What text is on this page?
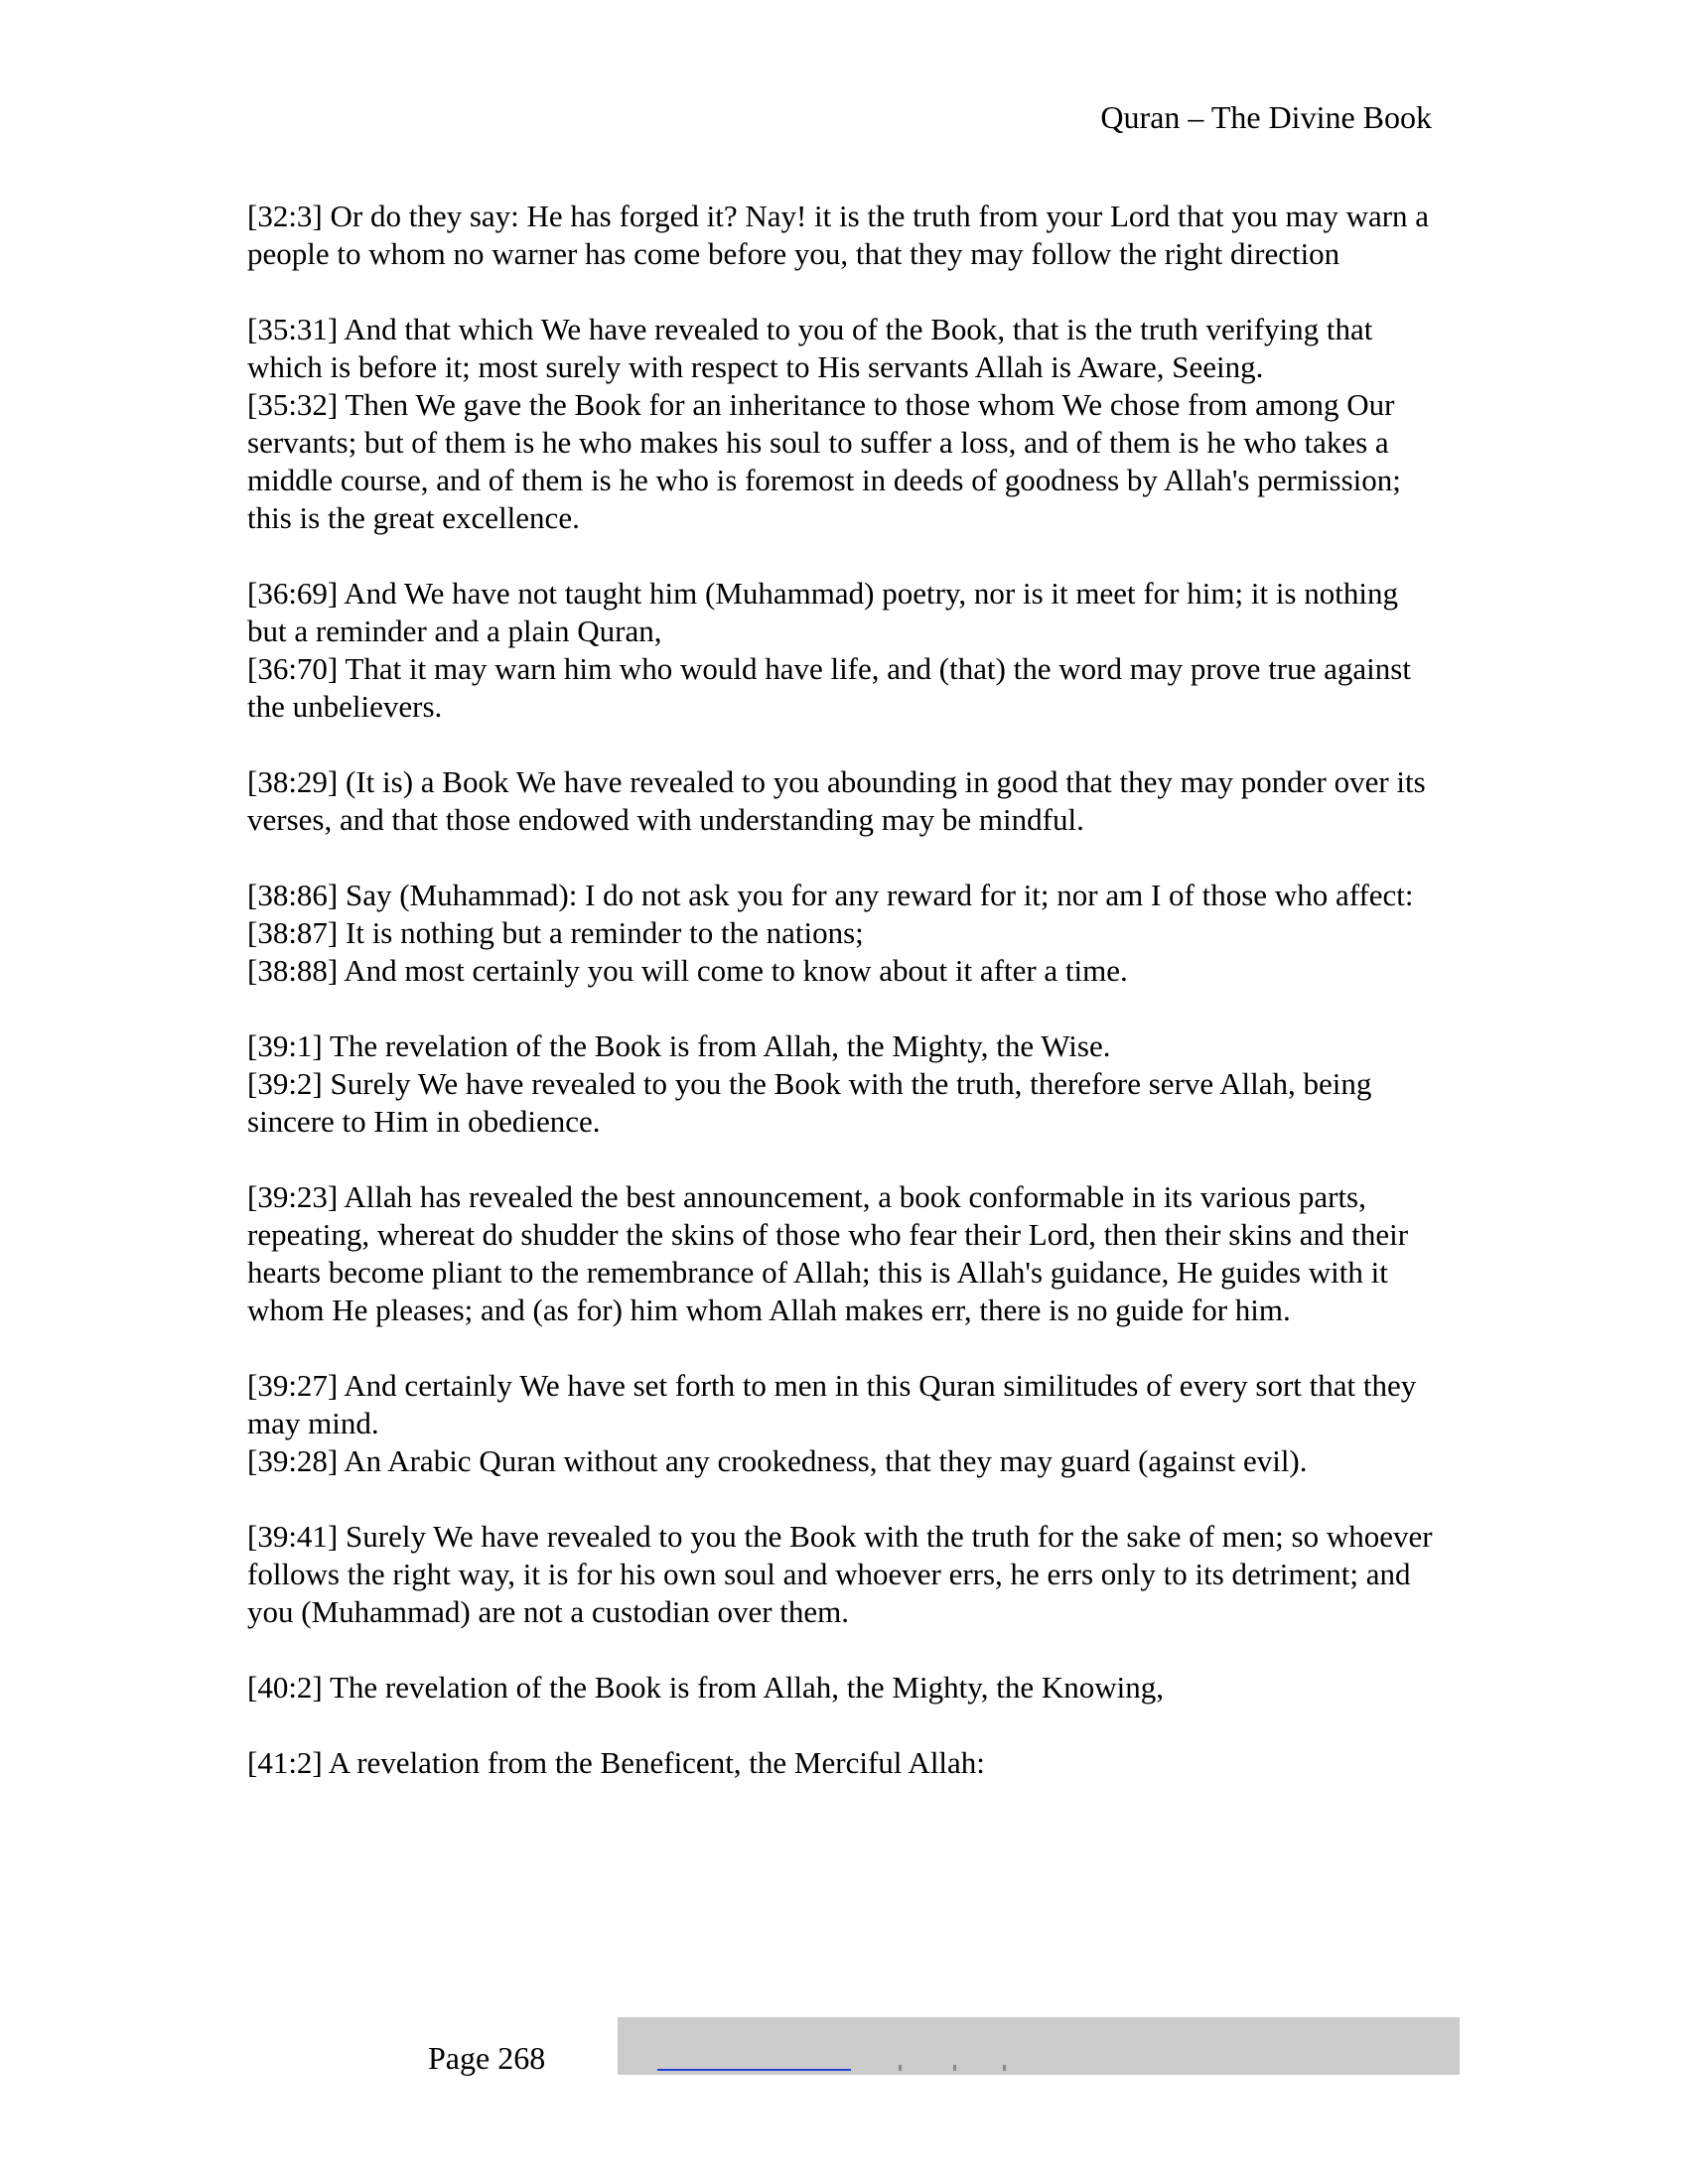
Quran – The Divine Book

[32:3] Or do they say: He has forged it? Nay! it is the truth from your Lord that you may warn a people to whom no warner has come before you, that they may follow the right direction

[35:31] And that which We have revealed to you of the Book, that is the truth verifying that which is before it; most surely with respect to His servants Allah is Aware, Seeing.
[35:32] Then We gave the Book for an inheritance to those whom We chose from among Our servants; but of them is he who makes his soul to suffer a loss, and of them is he who takes a middle course, and of them is he who is foremost in deeds of goodness by Allah's permission; this is the great excellence.

[36:69] And We have not taught him (Muhammad) poetry, nor is it meet for him; it is nothing but a reminder and a plain Quran,
[36:70] That it may warn him who would have life, and (that) the word may prove true against the unbelievers.

[38:29] (It is) a Book We have revealed to you abounding in good that they may ponder over its verses, and that those endowed with understanding may be mindful.

[38:86] Say (Muhammad): I do not ask you for any reward for it; nor am I of those who affect:
[38:87] It is nothing but a reminder to the nations;
[38:88] And most certainly you will come to know about it after a time.

[39:1] The revelation of the Book is from Allah, the Mighty, the Wise.
[39:2] Surely We have revealed to you the Book with the truth, therefore serve Allah, being sincere to Him in obedience.

[39:23] Allah has revealed the best announcement, a book conformable in its various parts, repeating, whereat do shudder the skins of those who fear their Lord, then their skins and their hearts become pliant to the remembrance of Allah; this is Allah's guidance, He guides with it whom He pleases; and (as for) him whom Allah makes err, there is no guide for him.

[39:27] And certainly We have set forth to men in this Quran similitudes of every sort that they may mind.
[39:28] An Arabic Quran without any crookedness, that they may guard (against evil).

[39:41] Surely We have revealed to you the Book with the truth for the sake of men; so whoever follows the right way, it is for his own soul and whoever errs, he errs only to its detriment; and you (Muhammad) are not a custodian over them.

[40:2] The revelation of the Book is from Allah, the Mighty, the Knowing,

[41:2] A revelation from the Beneficent, the Merciful Allah:

Page 268
